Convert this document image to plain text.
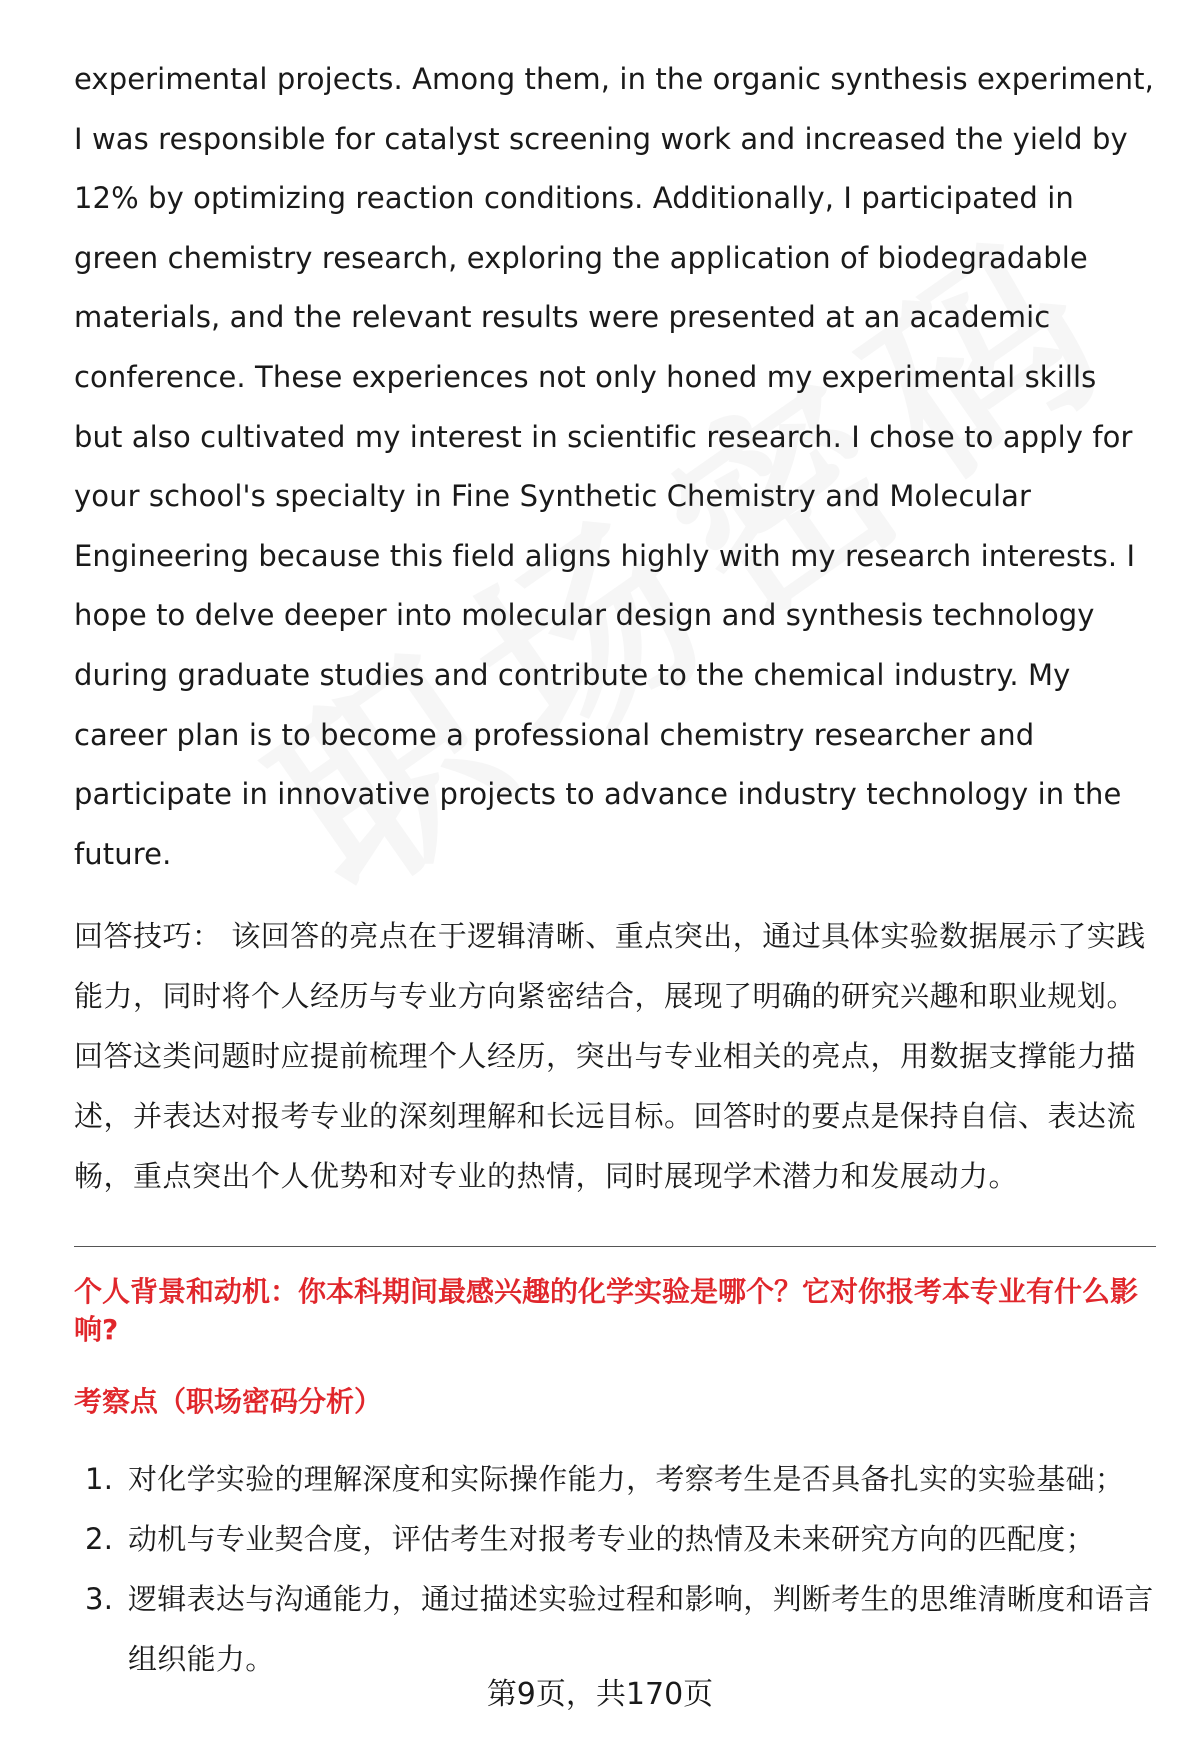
experimental projects. Among them, in the organic synthesis experiment, I was responsible for catalyst screening work and increased the yield by 12% by optimizing reaction conditions. Additionally, I participated in green chemistry research, exploring the application of biodegradable materials, and the relevant results were presented at an academic conference. These experiences not only honed my experimental skills but also cultivated my interest in scientific research. I chose to apply for your school's specialty in Fine Synthetic Chemistry and Molecular Engineering because this field aligns highly with my research interests. I hope to delve deeper into molecular design and synthesis technology during graduate studies and contribute to the chemical industry. My career plan is to become a professional chemistry researcher and participate in innovative projects to advance industry technology in the future.

回答技巧： 该回答的亮点在于逻辑清晰、重点突出，通过具体实验数据展示了实践能力，同时将个人经历与专业方向紧密结合，展现了明确的研究兴趣和职业规划。回答这类问题时应提前梳理个人经历，突出与专业相关的亮点，用数据支撑能力描述，并表达对报考专业的深刻理解和长远目标。回答时的要点是保持自信、表达流畅，重点突出个人优势和对专业的热情，同时展现学术潜力和发展动力。

个人背景和动机：你本科期间最感兴趣的化学实验是哪个？它对你报考本专业有什么影响?
考察点（职场密码分析）
1. 对化学实验的理解深度和实际操作能力，考察考生是否具备扎实的实验基础；
2. 动机与专业契合度，评估考生对报考专业的热情及未来研究方向的匹配度；
3. 逻辑表达与沟通能力，通过描述实验过程和影响，判断考生的思维清晰度和语言组织能力。
第9页，共170页
